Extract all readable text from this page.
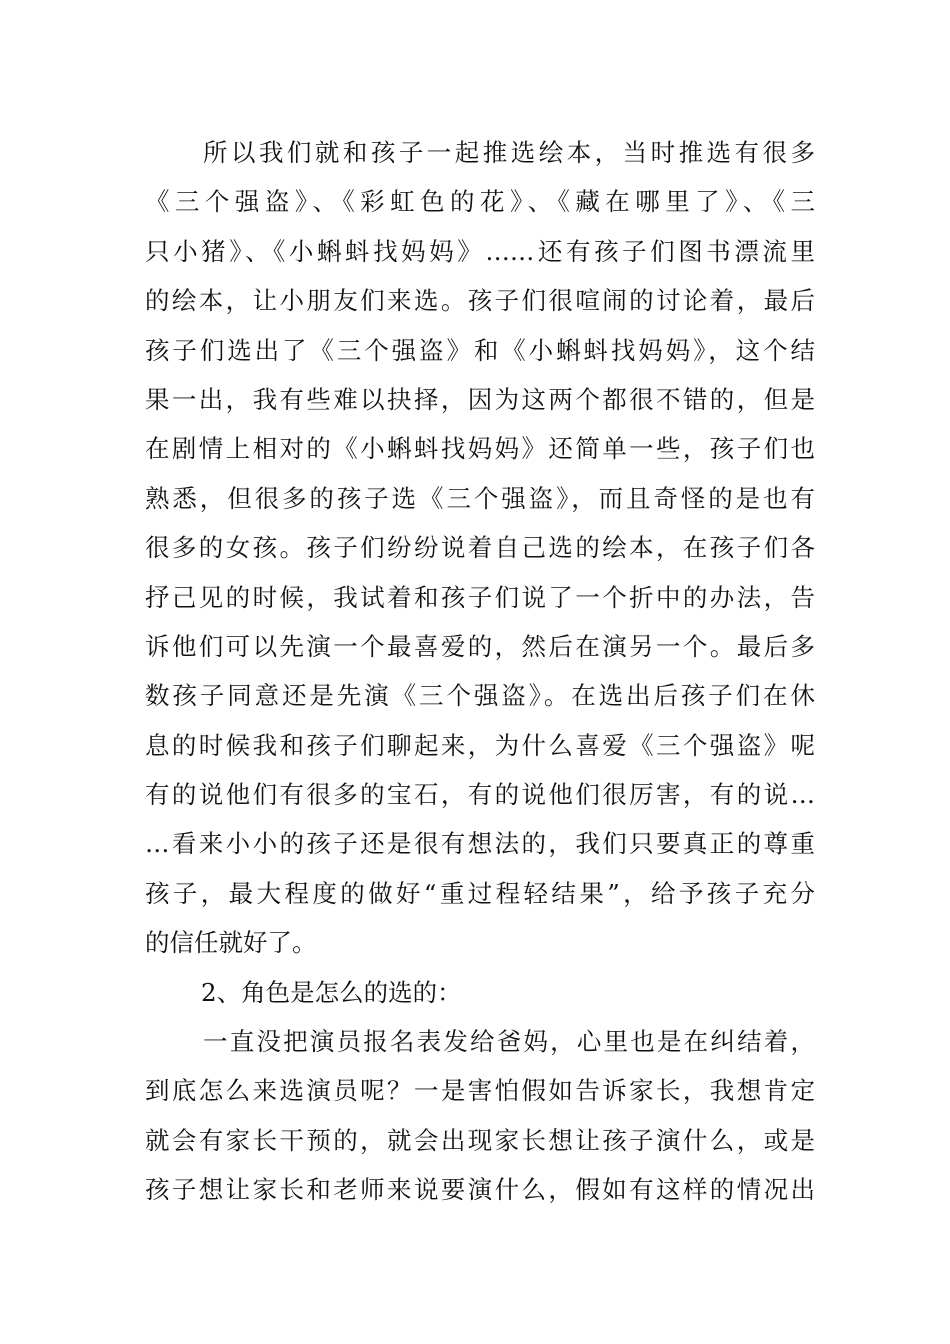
所以我们就和孩子一起推选绘本，当时推选有很多
《三个强盗》、《彩虹色的花》、《藏在哪里了》、《三
只小猪》、《小蝌蚪找妈妈》……还有孩子们图书漂流里
的绘本，让小朋友们来选。孩子们很喧闹的讨论着，最后
孩子们选出了《三个强盗》和《小蝌蚪找妈妈》，这个结
果一出，我有些难以抉择，因为这两个都很不错的，但是
在剧情上相对的《小蝌蚪找妈妈》还简单一些，孩子们也
熟悉，但很多的孩子选《三个强盗》，而且奇怪的是也有
很多的女孩。孩子们纷纷说着自己选的绘本，在孩子们各
抒己见的时候，我试着和孩子们说了一个折中的办法，告
诉他们可以先演一个最喜爱的，然后在演另一个。最后多
数孩子同意还是先演《三个强盗》。在选出后孩子们在休
息的时候我和孩子们聊起来，为什么喜爱《三个强盗》呢
有的说他们有很多的宝石，有的说他们很厉害，有的说…
…看来小小的孩子还是很有想法的，我们只要真正的尊重
孩子，最大程度的做好“重过程轻结果”，给予孩子充分
的信任就好了。
2、角色是怎么的选的：
一直没把演员报名表发给爸妈，心里也是在纠结着，
到底怎么来选演员呢？一是害怕假如告诉家长，我想肯定
就会有家长干预的，就会出现家长想让孩子演什么，或是
孩子想让家长和老师来说要演什么，假如有这样的情况出
